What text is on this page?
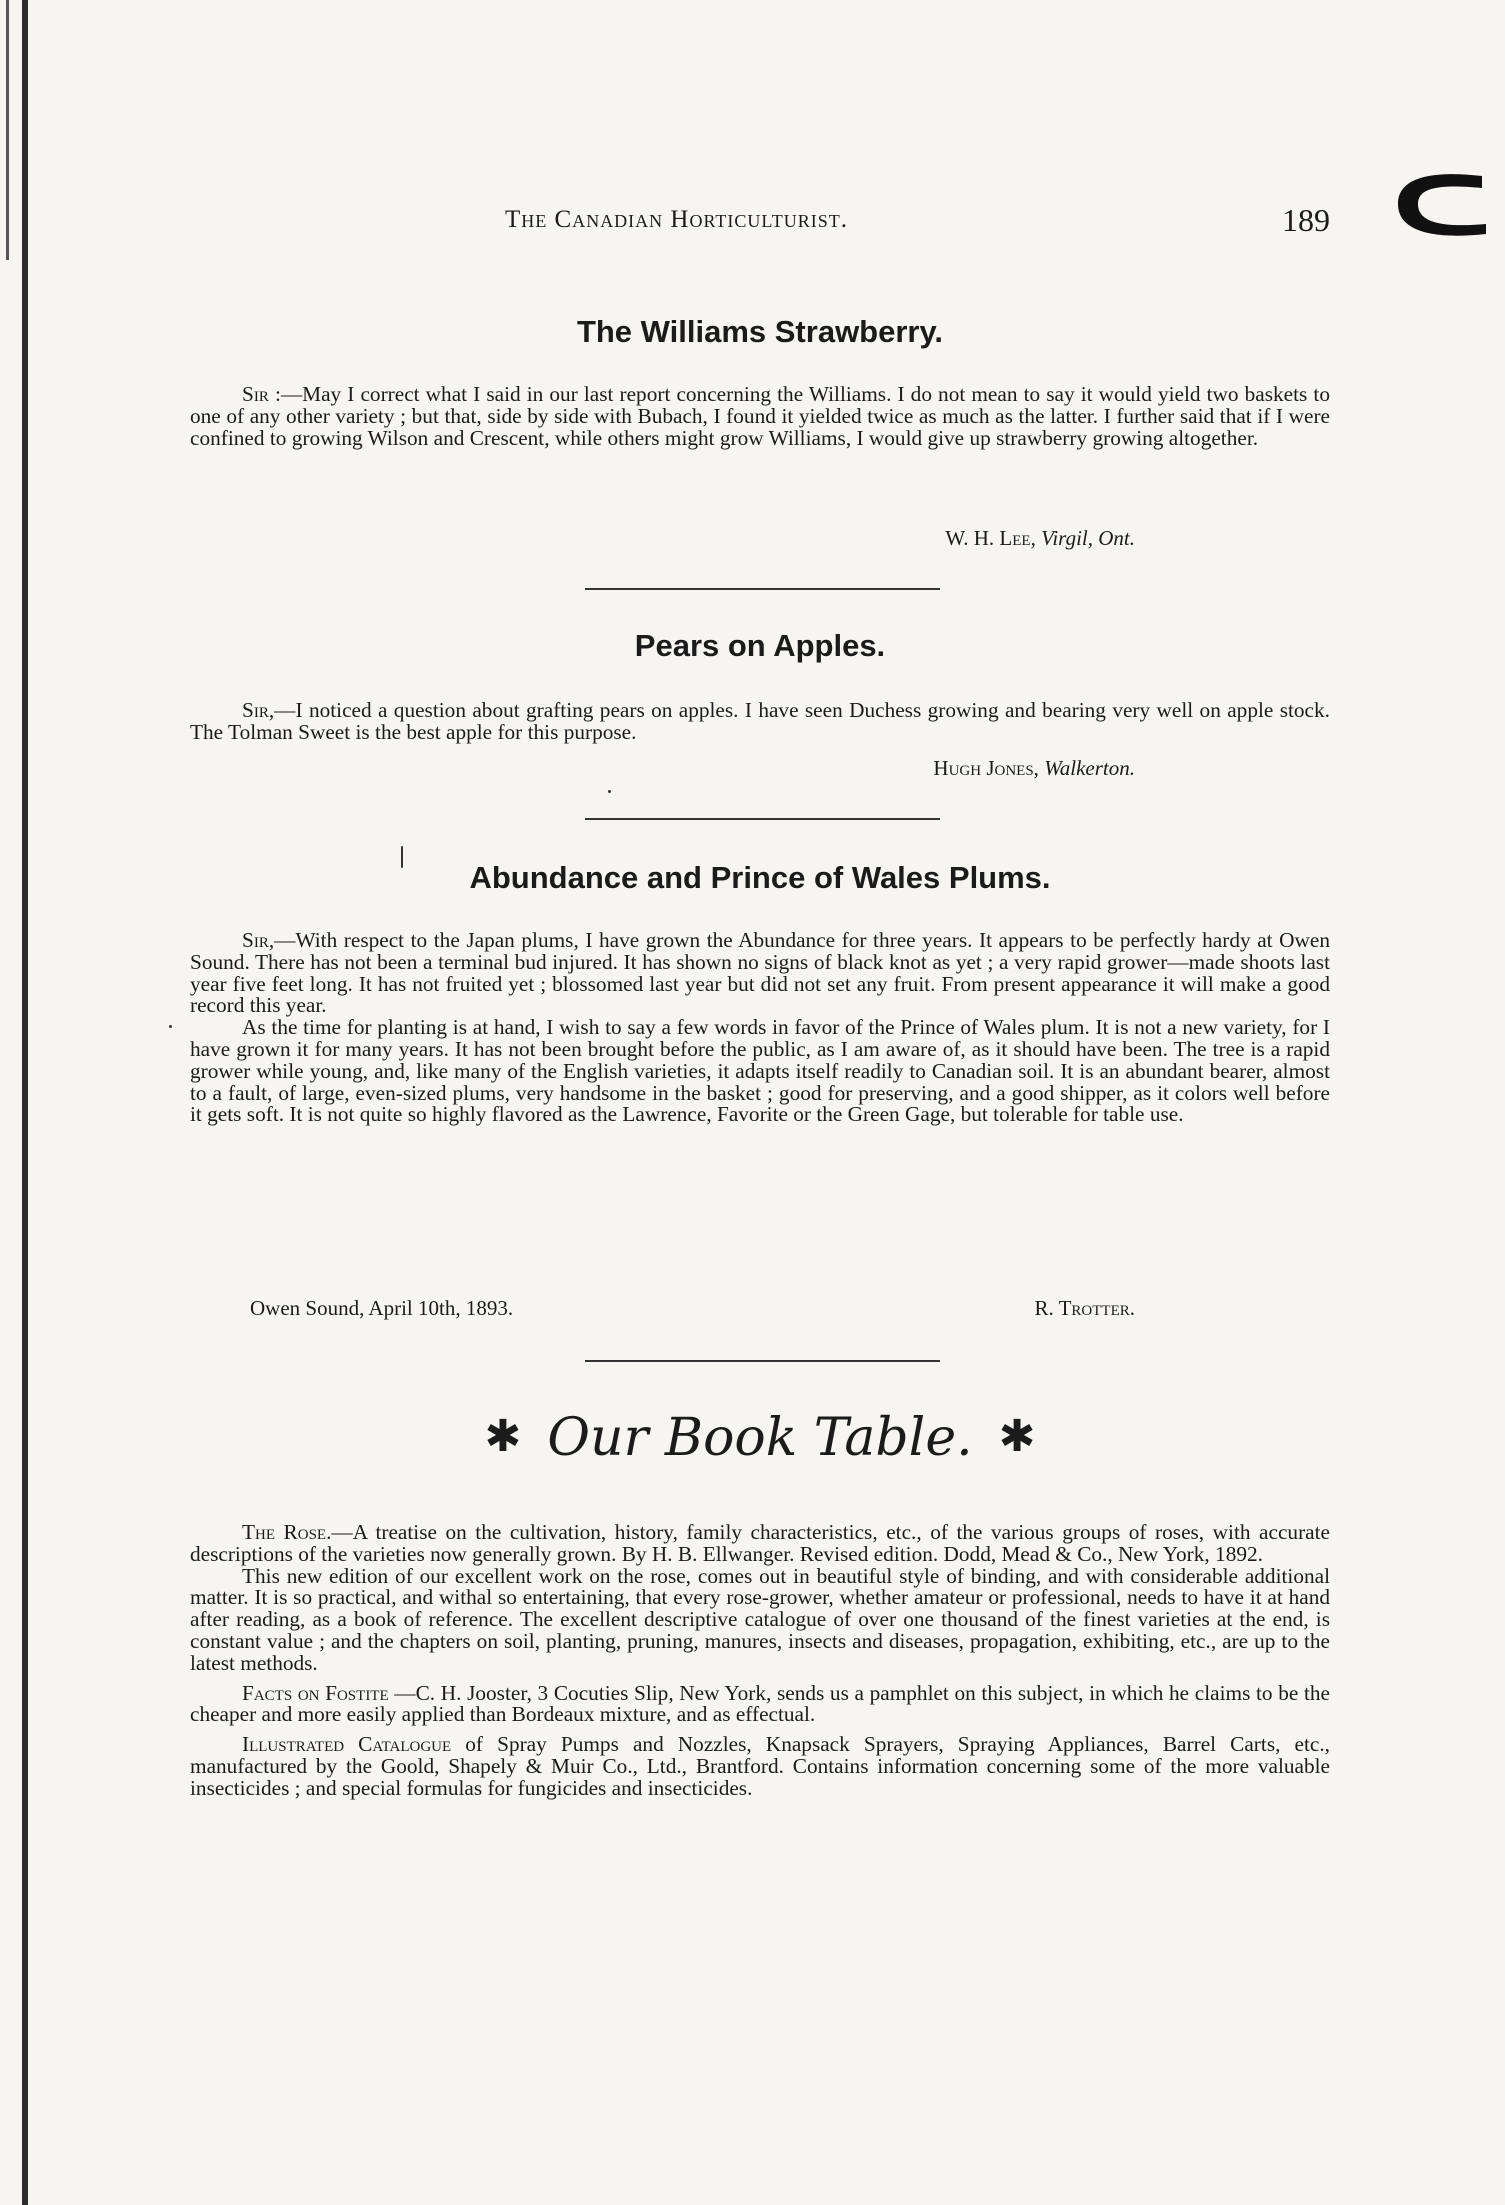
The Canadian Horticulturist.	189
The Williams Strawberry.

Sir :—May I correct what I said in our last report concerning the Williams. I do not mean to say it would yield two baskets to one of any other variety ; but that, side by side with Bubach, I found it yielded twice as much as the latter. I further said that if I were confined to growing Wilson and Crescent, while others might grow Williams, I would give up strawberry growing altogether.

W. H. Lee, Virgil, Ont.
Pears on Apples.

Sir,—I noticed a question about grafting pears on apples. I have seen Duchess growing and bearing very well on apple stock. The Tolman Sweet is the best apple for this purpose.

Hugh Jones, Walkerton.
Abundance and Prince of Wales Plums.

Sir,—With respect to the Japan plums, I have grown the Abundance for three years. It appears to be perfectly hardy at Owen Sound. There has not been a terminal bud injured. It has shown no signs of black knot as yet ; a very rapid grower—made shoots last year five feet long. It has not fruited yet ; blossomed last year but did not set any fruit. From present appearance it will make a good record this year.

As the time for planting is at hand, I wish to say a few words in favor of the Prince of Wales plum. It is not a new variety, for I have grown it for many years. It has not been brought before the public, as I am aware of, as it should have been. The tree is a rapid grower while young, and, like many of the English varieties, it adapts itself readily to Canadian soil. It is an abundant bearer, almost to a fault, of large, even-sized plums, very handsome in the basket ; good for preserving, and a good shipper, as it colors well before it gets soft. It is not quite so highly flavored as the Lawrence, Favorite or the Green Gage, but tolerable for table use.

Owen Sound, April 10th, 1893.	R. Trotter.
✱ Our Book Table. ✱

The Rose.—A treatise on the cultivation, history, family characteristics, etc., of the various groups of roses, with accurate descriptions of the varieties now generally grown. By H. B. Ellwanger. Revised edition. Dodd, Mead & Co., New York, 1892.

This new edition of our excellent work on the rose, comes out in beautiful style of binding, and with considerable additional matter. It is so practical, and withal so entertaining, that every rose-grower, whether amateur or professional, needs to have it at hand after reading, as a book of reference. The excellent descriptive catalogue of over one thousand of the finest varieties at the end, is constant value ; and the chapters on soil, planting, pruning, manures, insects and diseases, propagation, exhibiting, etc., are up to the latest methods.

Facts on Fostite —C. H. Jooster, 3 Cocuties Slip, New York, sends us a pamphlet on this subject, in which he claims to be the cheaper and more easily applied than Bordeaux mixture, and as effectual.

Illustrated Catalogue of Spray Pumps and Nozzles, Knapsack Sprayers, Spraying Appliances, Barrel Carts, etc., manufactured by the Goold, Shapely & Muir Co., Ltd., Brantford. Contains information concerning some of the more valuable insecticides ; and special formulas for fungicides and insecticides.
